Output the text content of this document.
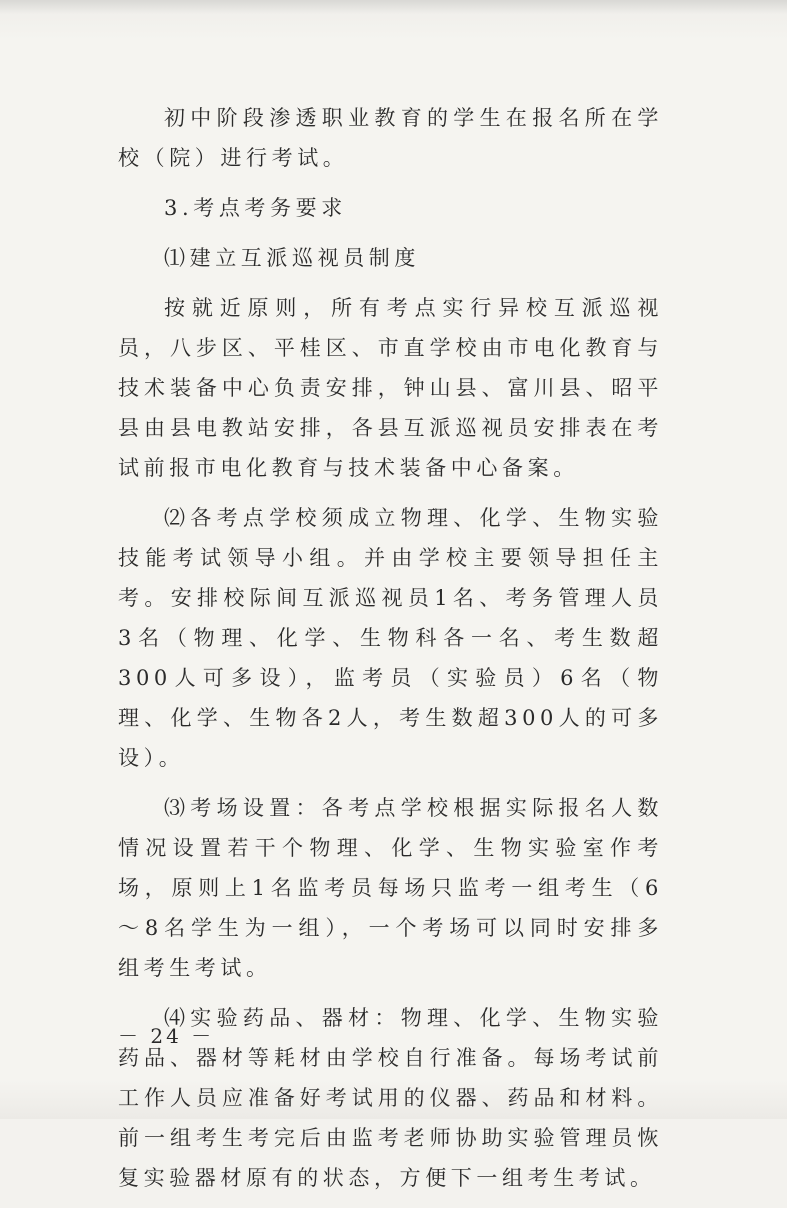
初中阶段渗透职业教育的学生在报名所在学校（院）进行考试。

3.考点考务要求

⑴建立互派巡视员制度

按就近原则，所有考点实行异校互派巡视员，八步区、平桂区、市直学校由市电化教育与技术装备中心负责安排，钟山县、富川县、昭平县由县电教站安排，各县互派巡视员安排表在考试前报市电化教育与技术装备中心备案。

⑵各考点学校须成立物理、化学、生物实验技能考试领导小组。并由学校主要领导担任主考。安排校际间互派巡视员1名、考务管理人员3名（物理、化学、生物科各一名、考生数超300人可多设），监考员（实验员）6名（物理、化学、生物各2人，考生数超300人的可多设）。

⑶考场设置：各考点学校根据实际报名人数情况设置若干个物理、化学、生物实验室作考场，原则上1名监考员每场只监考一组考生（6～8名学生为一组），一个考场可以同时安排多组考生考试。

⑷实验药品、器材：物理、化学、生物实验药品、器材等耗材由学校自行准备。每场考试前工作人员应准备好考试用的仪器、药品和材料。前一组考生考完后由监考老师协助实验管理员恢复实验器材原有的状态，方便下一组考生考试。

－ 24 －
